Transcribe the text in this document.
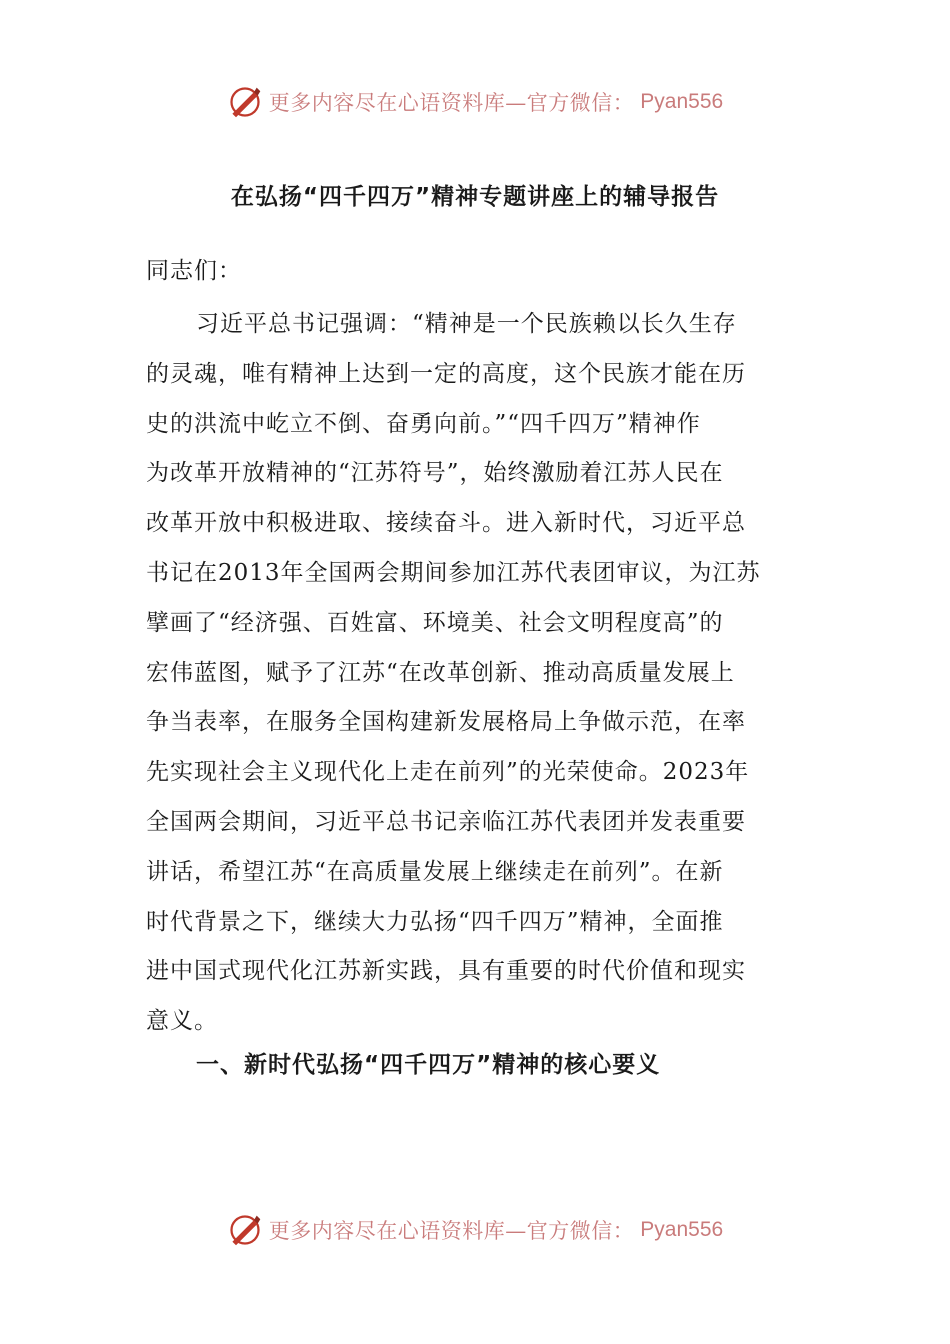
更多内容尽在心语资料库—官方微信： Pyan556
在弘扬“四千四万”精神专题讲座上的辅导报告

同志们：

习近平总书记强调：“精神是一个民族赖以长久生存
的灵魂，唯有精神上达到一定的高度，这个民族才能在历
史的洪流中屹立不倒、奋勇向前。”“四千四万”精神作
为改革开放精神的“江苏符号”，始终激励着江苏人民在
改革开放中积极进取、接续奋斗。进入新时代，习近平总
书记在2013年全国两会期间参加江苏代表团审议，为江苏
擘画了“经济强、百姓富、环境美、社会文明程度高”的
宏伟蓝图，赋予了江苏“在改革创新、推动高质量发展上
争当表率，在服务全国构建新发展格局上争做示范，在率
先实现社会主义现代化上走在前列”的光荣使命。2023年
全国两会期间，习近平总书记亲临江苏代表团并发表重要
讲话，希望江苏“在高质量发展上继续走在前列”。在新
时代背景之下，继续大力弘扬“四千四万”精神，全面推
进中国式现代化江苏新实践，具有重要的时代价值和现实
意义。

一、新时代弘扬“四千四万”精神的核心要义
更多内容尽在心语资料库—官方微信： Pyan556
